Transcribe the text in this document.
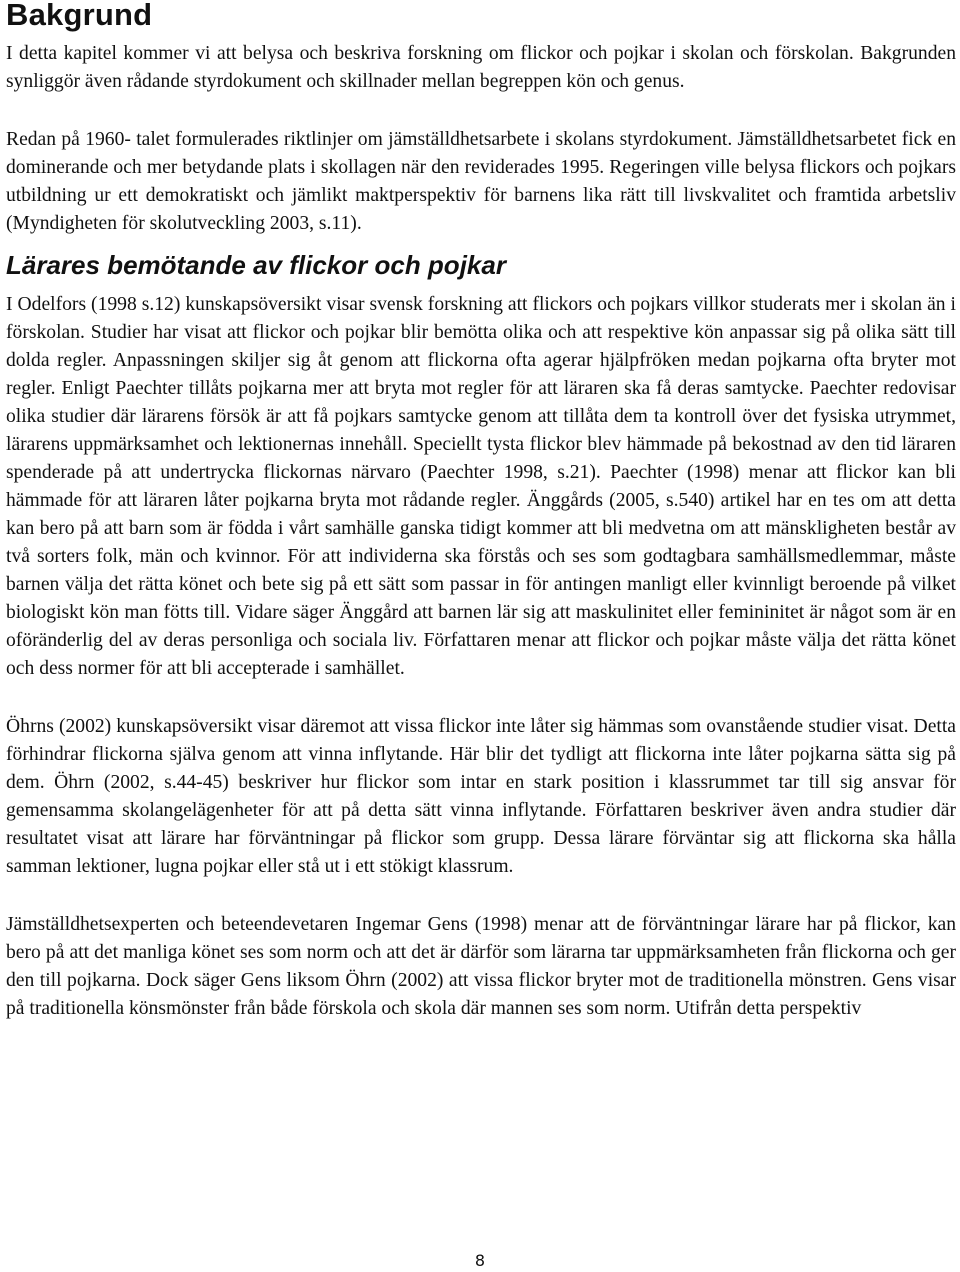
Bakgrund

I detta kapitel kommer vi att belysa och beskriva forskning om flickor och pojkar i skolan och förskolan. Bakgrunden synliggör även rådande styrdokument och skillnader mellan begreppen kön och genus.

Redan på 1960- talet formulerades riktlinjer om jämställdhetsarbete i skolans styrdokument. Jämställdhetsarbetet fick en dominerande och mer betydande plats i skollagen när den reviderades 1995. Regeringen ville belysa flickors och pojkars utbildning ur ett demokratiskt och jämlikt maktperspektiv för barnens lika rätt till livskvalitet och framtida arbetsliv (Myndigheten för skolutveckling 2003, s.11).

Lärares bemötande av flickor och pojkar

I Odelfors (1998 s.12) kunskapsöversikt visar svensk forskning att flickors och pojkars villkor studerats mer i skolan än i förskolan. Studier har visat att flickor och pojkar blir bemötta olika och att respektive kön anpassar sig på olika sätt till dolda regler. Anpassningen skiljer sig åt genom att flickorna ofta agerar hjälpfröken medan pojkarna ofta bryter mot regler. Enligt Paechter tillåts pojkarna mer att bryta mot regler för att läraren ska få deras samtycke. Paechter redovisar olika studier där lärarens försök är att få pojkars samtycke genom att tillåta dem ta kontroll över det fysiska utrymmet, lärarens uppmärksamhet och lektionernas innehåll. Speciellt tysta flickor blev hämmade på bekostnad av den tid läraren spenderade på att undertrycka flickornas närvaro (Paechter 1998, s.21). Paechter (1998) menar att flickor kan bli hämmade för att läraren låter pojkarna bryta mot rådande regler. Änggårds (2005, s.540) artikel har en tes om att detta kan bero på att barn som är födda i vårt samhälle ganska tidigt kommer att bli medvetna om att mänskligheten består av två sorters folk, män och kvinnor. För att individerna ska förstås och ses som godtagbara samhällsmedlemmar, måste barnen välja det rätta könet och bete sig på ett sätt som passar in för antingen manligt eller kvinnligt beroende på vilket biologiskt kön man fötts till. Vidare säger Änggård att barnen lär sig att maskulinitet eller femininitet är något som är en oföränderlig del av deras personliga och sociala liv. Författaren menar att flickor och pojkar måste välja det rätta könet och dess normer för att bli accepterade i samhället.

Öhrns (2002) kunskapsöversikt visar däremot att vissa flickor inte låter sig hämmas som ovanstående studier visat. Detta förhindrar flickorna själva genom att vinna inflytande. Här blir det tydligt att flickorna inte låter pojkarna sätta sig på dem. Öhrn (2002, s.44-45) beskriver hur flickor som intar en stark position i klassrummet tar till sig ansvar för gemensamma skolangelägenheter för att på detta sätt vinna inflytande. Författaren beskriver även andra studier där resultatet visat att lärare har förväntningar på flickor som grupp. Dessa lärare förväntar sig att flickorna ska hålla samman lektioner, lugna pojkar eller stå ut i ett stökigt klassrum.

Jämställdhetsexperten och beteendevetaren Ingemar Gens (1998) menar att de förväntningar lärare har på flickor, kan bero på att det manliga könet ses som norm och att det är därför som lärarna tar uppmärksamheten från flickorna och ger den till pojkarna. Dock säger Gens liksom Öhrn (2002) att vissa flickor bryter mot de traditionella mönstren. Gens visar på traditionella könsmönster från både förskola och skola där mannen ses som norm. Utifrån detta perspektiv

8
